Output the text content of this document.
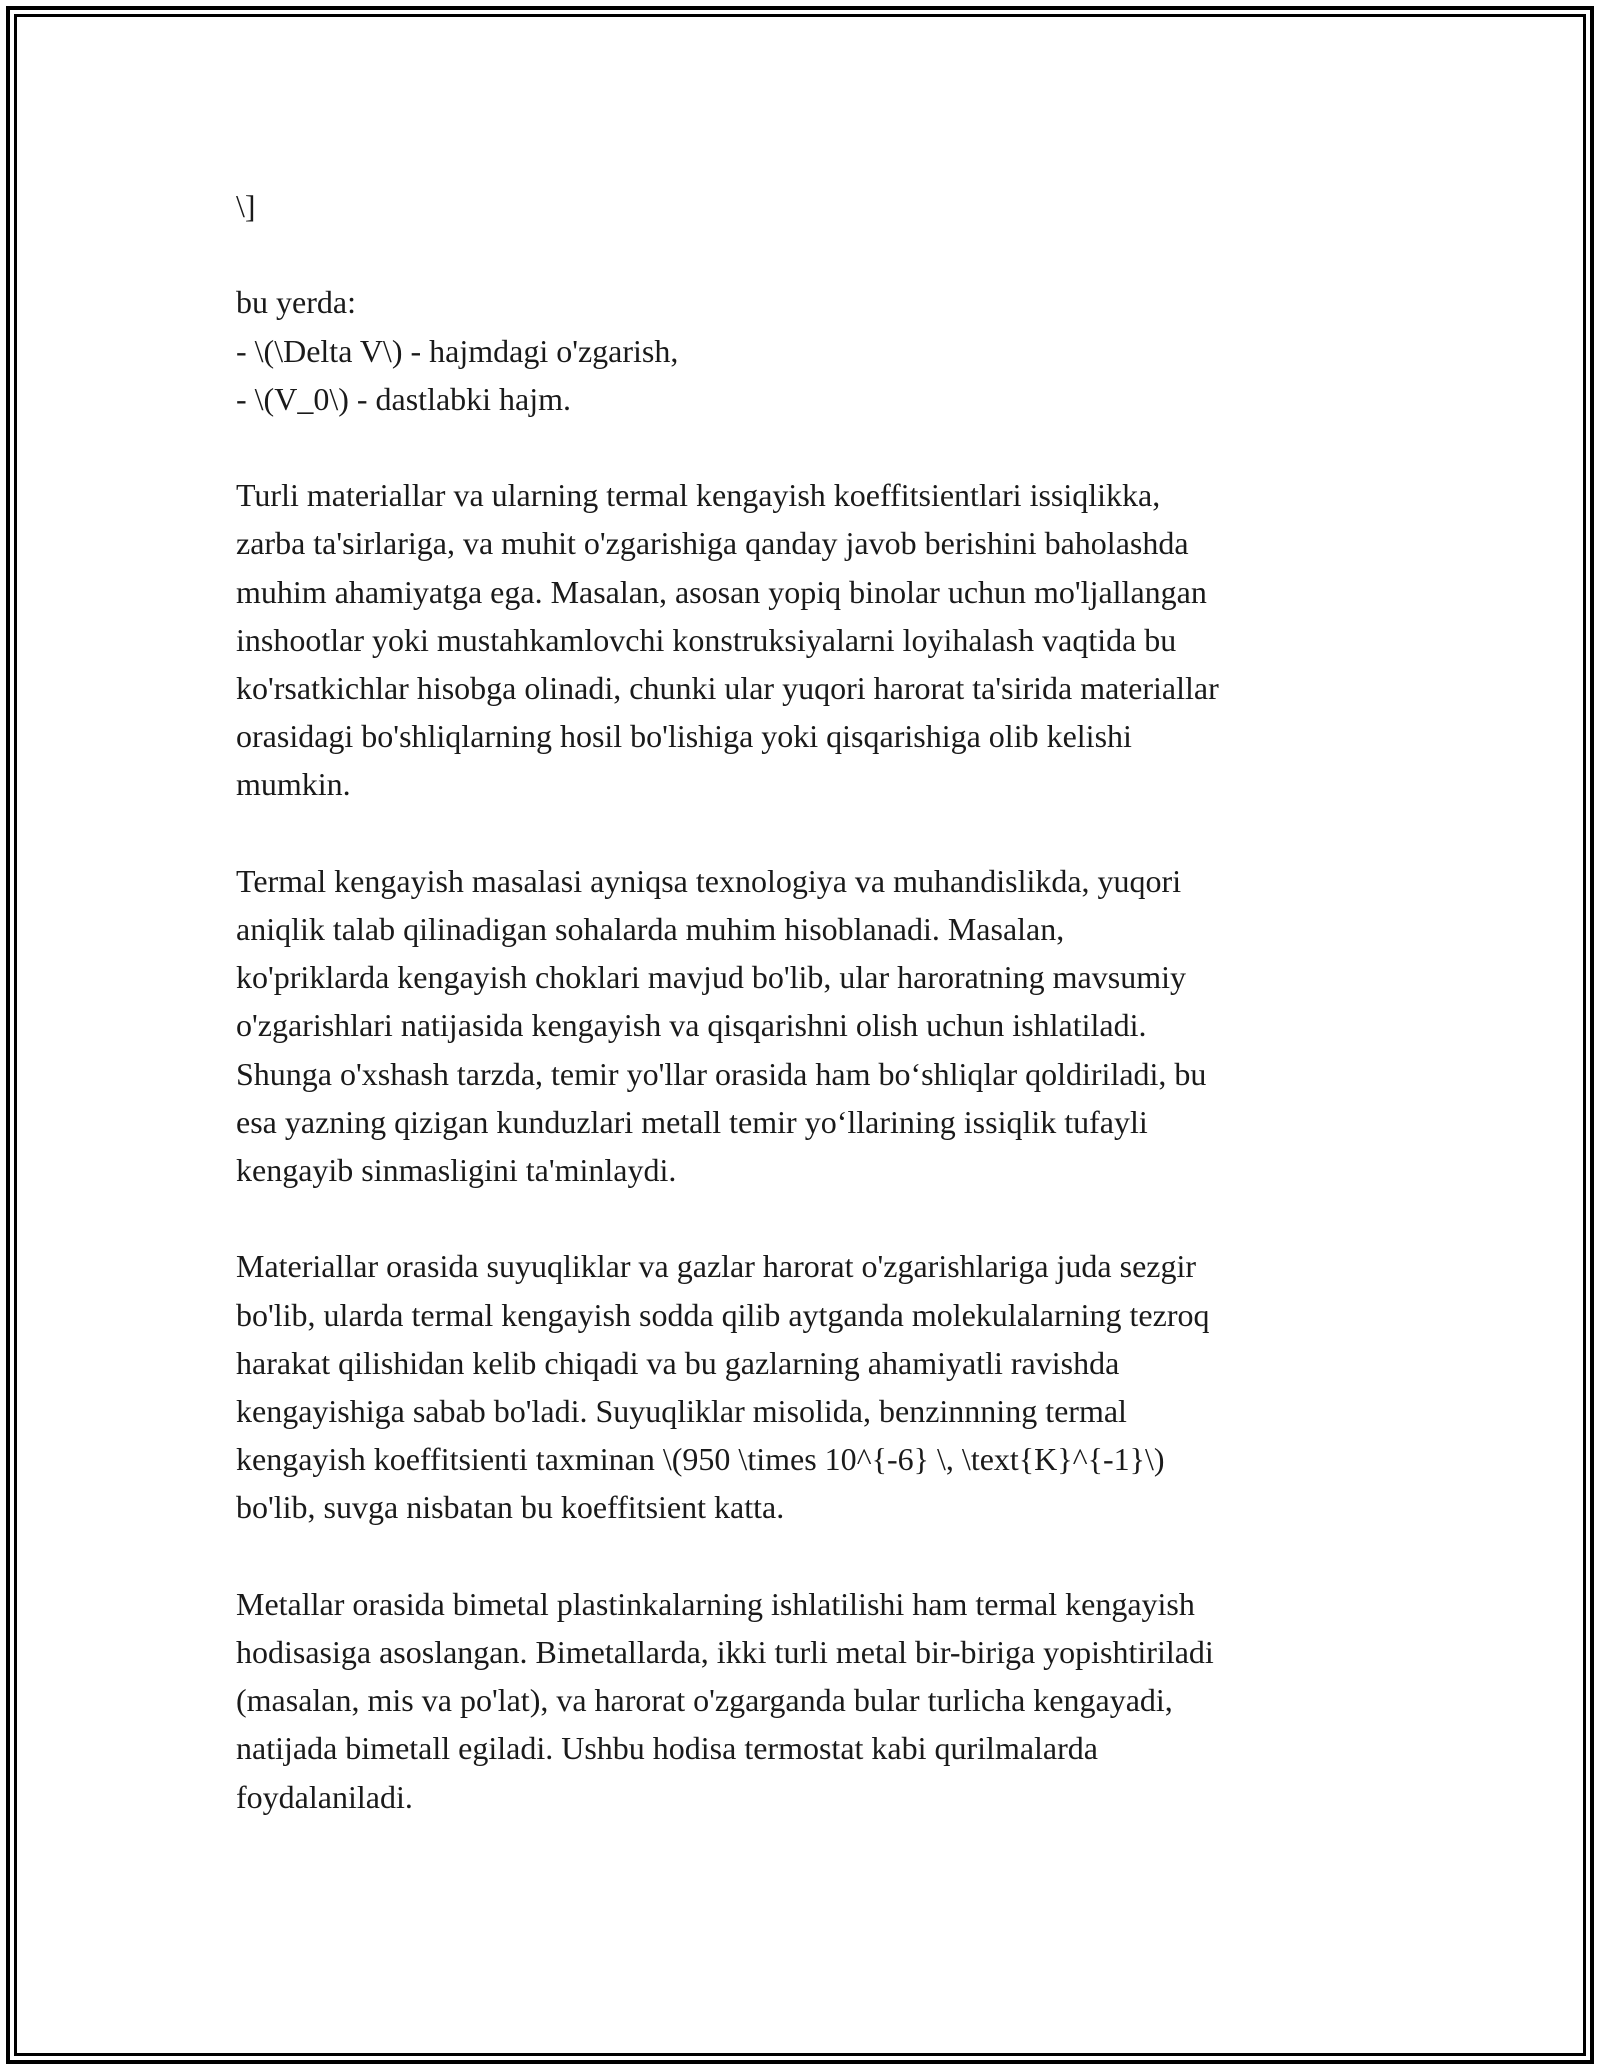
\]
bu yerda:
- \(\Delta V\) - hajmdagi o'zgarish,
- \(V_0\) - dastlabki hajm.
Turli materiallar va ularning termal kengayish koeffitsientlari issiqlikka,
zarba ta'sirlariga, va muhit o'zgarishiga qanday javob berishini baholashda
muhim ahamiyatga ega. Masalan, asosan yopiq binolar uchun mo'ljallangan
inshootlar yoki mustahkamlovchi konstruksiyalarni loyihalash vaqtida bu
ko'rsatkichlar hisobga olinadi, chunki ular yuqori harorat ta'sirida materiallar
orasidagi bo'shliqlarning hosil bo'lishiga yoki qisqarishiga olib kelishi
mumkin.
Termal kengayish masalasi ayniqsa texnologiya va muhandislikda, yuqori
aniqlik talab qilinadigan sohalarda muhim hisoblanadi. Masalan,
ko'priklarda kengayish choklari mavjud bo'lib, ular haroratning mavsumiy
o'zgarishlari natijasida kengayish va qisqarishni olish uchun ishlatiladi.
Shunga o'xshash tarzda, temir yo'llar orasida ham bo‘shliqlar qoldiriladi, bu
esa yazning qizigan kunduzlari metall temir yo‘llarining issiqlik tufayli
kengayib sinmasligini ta'minlaydi.
Materiallar orasida suyuqliklar va gazlar harorat o'zgarishlariga juda sezgir
bo'lib, ularda termal kengayish sodda qilib aytganda molekulalarning tezroq
harakat qilishidan kelib chiqadi va bu gazlarning ahamiyatli ravishda
kengayishiga sabab bo'ladi. Suyuqliklar misolida, benzinnning termal
kengayish koeffitsienti taxminan \(950 \times 10^{-6} \, \text{K}^{-1}\)
bo'lib, suvga nisbatan bu koeffitsient katta.
Metallar orasida bimetal plastinkalarning ishlatilishi ham termal kengayish
hodisasiga asoslangan. Bimetallarda, ikki turli metal bir-biriga yopishtiriladi
(masalan, mis va po'lat), va harorat o'zgarganda bular turlicha kengayadi,
natijada bimetall egiladi. Ushbu hodisa termostat kabi qurilmalarda
foydalaniladi.
